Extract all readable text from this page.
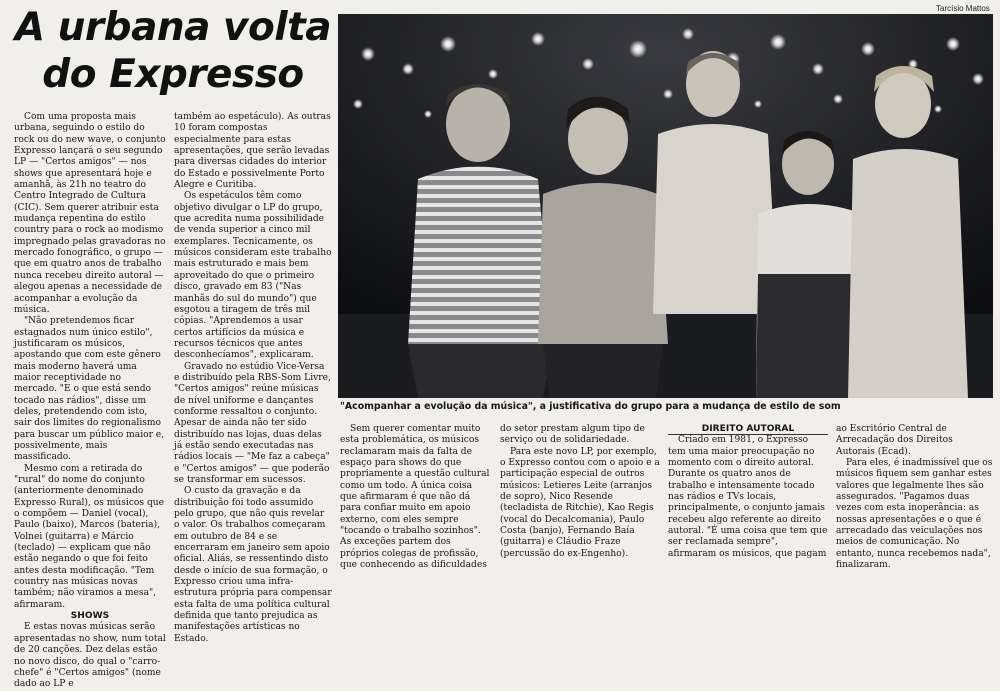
A urbana volta do Expresso
Tarcísio Mattos

"Acompanhar a evolução da música", a justificativa do grupo para a mudança de estilo de som

Com uma proposta mais urbana, seguindo o estilo do rock ou do new wave, o conjunto Expresso lançará o seu segundo LP — "Certos amigos" — nos shows que apresentará hoje e amanhã, às 21h no teatro do Centro Integrado de Cultura (CIC). Sem querer atribuir esta mudança repentina do estilo country para o rock ao modismo impregnado pelas gravadoras no mercado fonográfico, o grupo — que em quatro anos de trabalho nunca recebeu direito autoral — alegou apenas a necessidade de acompanhar a evolução da música.

"Não pretendemos ficar estagnados num único estilo", justificaram os músicos, apostando que com este gênero mais moderno haverá uma maior receptividade no mercado. "E o que está sendo tocado nas rádios", disse um deles, pretendendo com isto, sair dos limites do regionalismo para buscar um público maior e, possivelmente, mais massificado.

Mesmo com a retirada do "rural" do nome do conjunto (anteriormente denominado Expresso Rural), os músicos que o compõem — Daniel (vocal), Paulo (baixo), Marcos (bateria), Volnei (guitarra) e Márcio (teclado) — explicam que não estão negando o que foi feito antes desta modificação. "Tem country nas músicas novas também; não viramos a mesa", afirmaram.

SHOWS

E estas novas músicas serão apresentadas no show, num total de 20 canções. Dez delas estão no novo disco, do qual o "carro-chefe" é "Certos amigos" (nome dado ao LP e

também ao espetáculo). As outras 10 foram compostas especialmente para estas apresentações, que serão levadas para diversas cidades do interior do Estado e possivelmente Porto Alegre e Curitiba.

Os espetáculos têm como objetivo divulgar o LP do grupo, que acredita numa possibilidade de venda superior a cinco mil exemplares. Tecnicamente, os músicos consideram este trabalho mais estruturado e mais bem aproveitado do que o primeiro disco, gravado em 83 ("Nas manhãs do sul do mundo") que esgotou a tiragem de três mil cópias. "Aprendemos a usar certos artifícios da música e recursos técnicos que antes desconhecíamos", explicaram.

Gravado no estúdio Vice-Versa e distribuído pela RBS-Som Livre, "Certos amigos" reúne músicas de nível uniforme e dançantes conforme ressaltou o conjunto. Apesar de ainda não ter sido distribuído nas lojas, duas delas já estão sendo executadas nas rádios locais — "Me faz a cabeça" e "Certos amigos" — que poderão se transformar em sucessos.

O custo da gravação e da distribuição foi todo assumido pelo grupo, que não quis revelar o valor. Os trabalhos começaram em outubro de 84 e se encerraram em janeiro sem apoio oficial. Aliás, se ressentindo disto desde o início de sua formação, o Expresso criou uma infra-estrutura própria para compensar esta falta de uma política cultural definida que tanto prejudica as manifestações artísticas no Estado.

Sem querer comentar muito esta problemática, os músicos reclamaram mais da falta de espaço para shows do que propriamente a questão cultural como um todo. A única coisa que afirmaram é que não dá para confiar muito em apoio externo, com eles sempre "tocando o trabalho sozinhos". As exceções partem dos próprios colegas de profissão, que conhecendo as dificuldades

do setor prestam algum tipo de serviço ou de solidariedade.

Para este novo LP, por exemplo, o Expresso contou com o apoio e a participação especial de outros músicos: Letieres Leite (arranjos de sopro), Nico Resende (tecladista de Ritchie), Kao Regis (vocal do Decalcomania), Paulo Costa (banjo), Fernando Baía (guitarra) e Cláudio Fraze (percussão do ex-Engenho).

DIREITO AUTORAL

Criado em 1981, o Expresso tem uma maior preocupação no momento com o direito autoral. Durante os quatro anos de trabalho e intensamente tocado nas rádios e TVs locais, principalmente, o conjunto jamais recebeu algo referente ao direito autoral. "É uma coisa que tem que ser reclamada sempre", afirmaram os músicos, que pagam

ao Escritório Central de Arrecadação dos Direitos Autorais (Ecad).

Para eles, é inadmissível que os músicos fiquem sem ganhar estes valores que legalmente lhes são assegurados. "Pagamos duas vezes com esta inoperância: as nossas apresentações e o que é arrecadado das veiculações nos meios de comunicação. No entanto, nunca recebemos nada", finalizaram.
